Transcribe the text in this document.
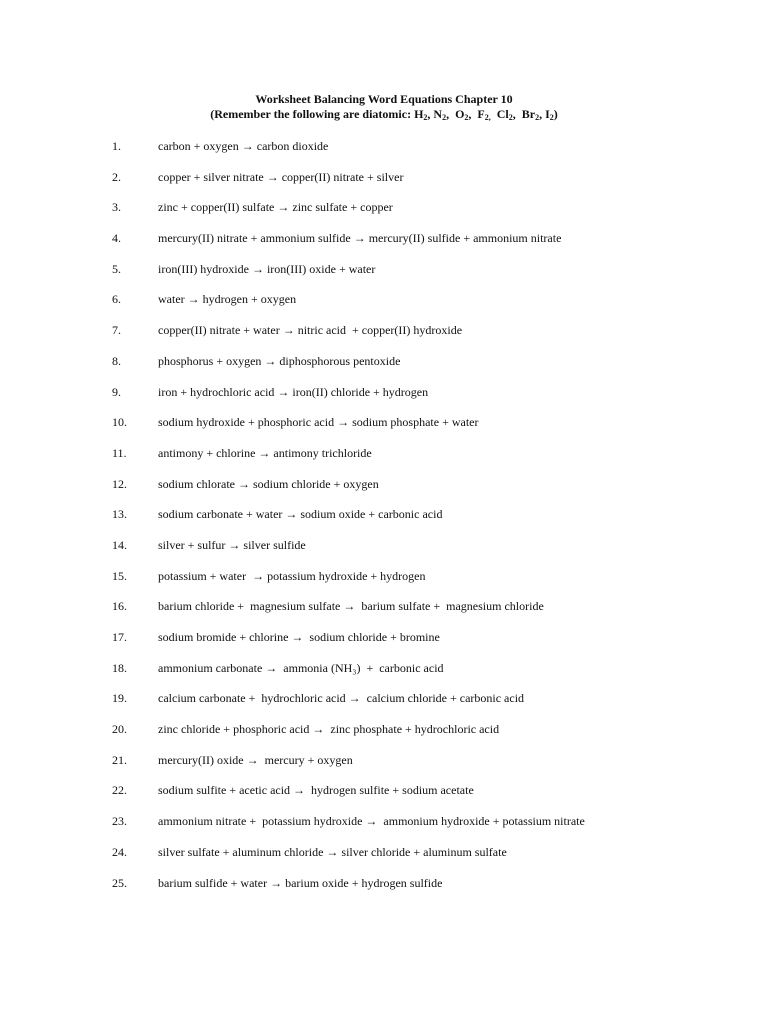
Worksheet Balancing Word Equations Chapter 10
(Remember the following are diatomic: $H_2$, $N_2$,  $O_2$,  $F_{2,}$ $Cl_2$,  $Br_2$, $I_2$)
1.	carbon + oxygen → carbon dioxide
2.	copper + silver nitrate → copper(II) nitrate + silver
3.	zinc + copper(II) sulfate → zinc sulfate + copper
4.	mercury(II) nitrate + ammonium sulfide → mercury(II) sulfide + ammonium nitrate
5.	iron(III) hydroxide → iron(III) oxide + water
6.	water → hydrogen + oxygen
7.	copper(II) nitrate + water → nitric acid  + copper(II) hydroxide
8.	phosphorus + oxygen → diphosphorous pentoxide
9.	iron + hydrochloric acid → iron(II) chloride + hydrogen
10.	sodium hydroxide + phosphoric acid → sodium phosphate + water
11.	antimony + chlorine → antimony trichloride
12.	sodium chlorate → sodium chloride + oxygen
13.	sodium carbonate + water → sodium oxide + carbonic acid
14.	silver + sulfur → silver sulfide
15.	potassium + water  → potassium hydroxide + hydrogen
16.	barium chloride +  magnesium sulfate →  barium sulfate +  magnesium chloride
17.	sodium bromide + chlorine →  sodium chloride + bromine
18.	ammonium carbonate →  ammonia (NH₃)  +  carbonic acid
19.	calcium carbonate +  hydrochloric acid →  calcium chloride + carbonic acid
20.	zinc chloride + phosphoric acid →  zinc phosphate + hydrochloric acid
21.	mercury(II) oxide →  mercury + oxygen
22.	sodium sulfite + acetic acid →  hydrogen sulfite + sodium acetate
23.	ammonium nitrate +  potassium hydroxide →  ammonium hydroxide + potassium nitrate
24.	silver sulfate + aluminum chloride → silver chloride + aluminum sulfate
25.	barium sulfide + water → barium oxide + hydrogen sulfide
